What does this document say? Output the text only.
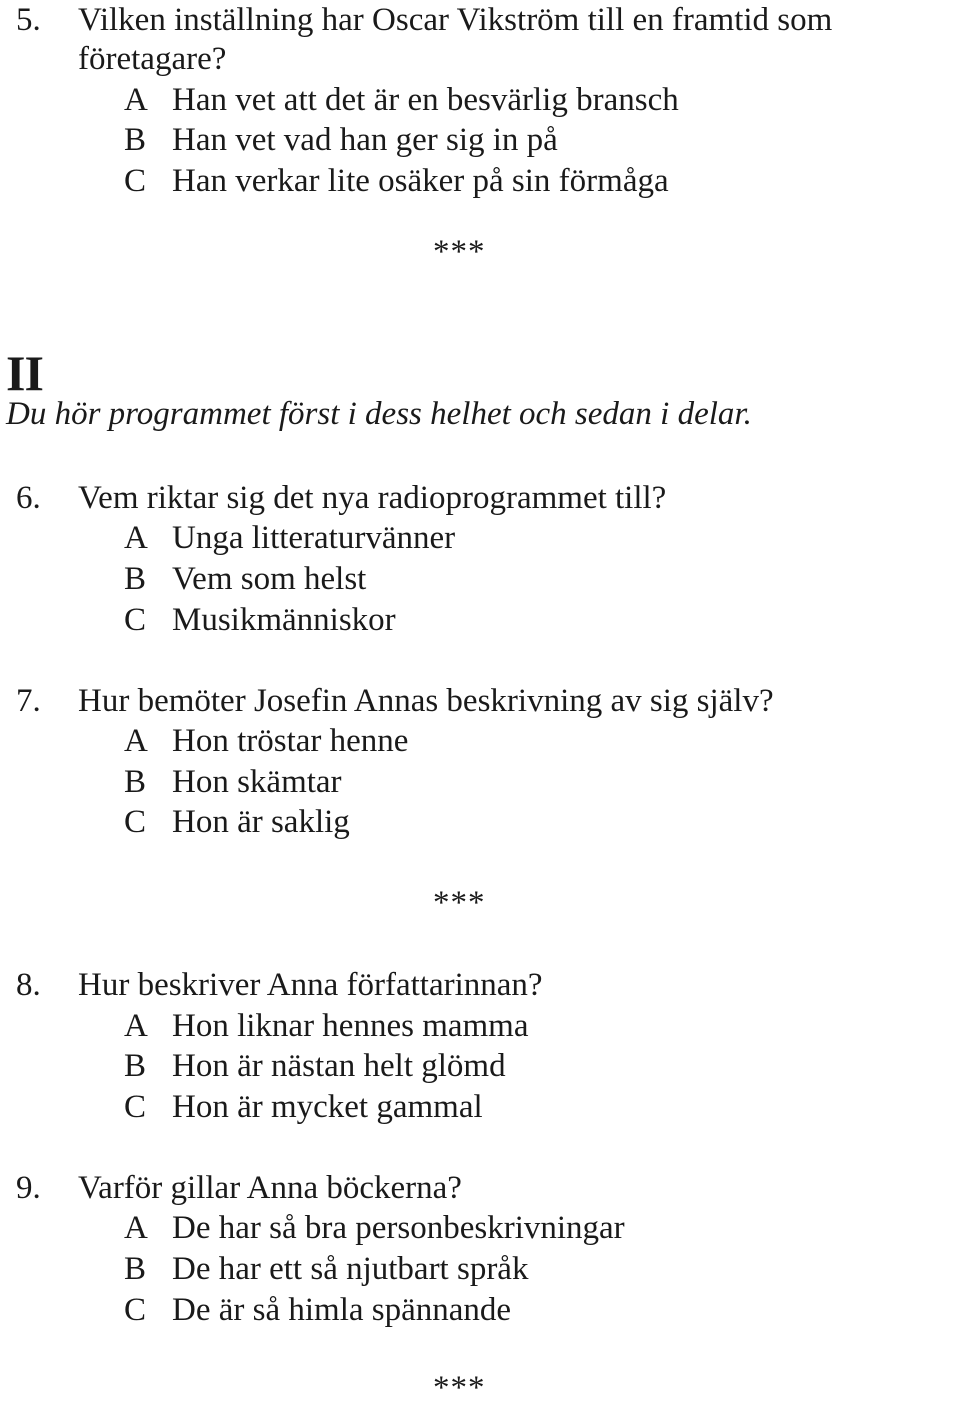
5. Vilken inställning har Oscar Vikström till en framtid som
företagare?
A Han vet att det är en besvärlig bransch
B Han vet vad han ger sig in på
C Han verkar lite osäker på sin förmåga
***
II
Du hör programmet först i dess helhet och sedan i delar.
6. Vem riktar sig det nya radioprogrammet till?
A Unga litteraturvänner
B Vem som helst
C Musikmänniskor
7. Hur bemöter Josefin Annas beskrivning av sig själv?
A Hon tröstar henne
B Hon skämtar
C Hon är saklig
***
8. Hur beskriver Anna författarinnan?
A Hon liknar hennes mamma
B Hon är nästan helt glömd
C Hon är mycket gammal
9. Varför gillar Anna böckerna?
A De har så bra personbeskrivningar
B De har ett så njutbart språk
C De är så himla spännande
***
